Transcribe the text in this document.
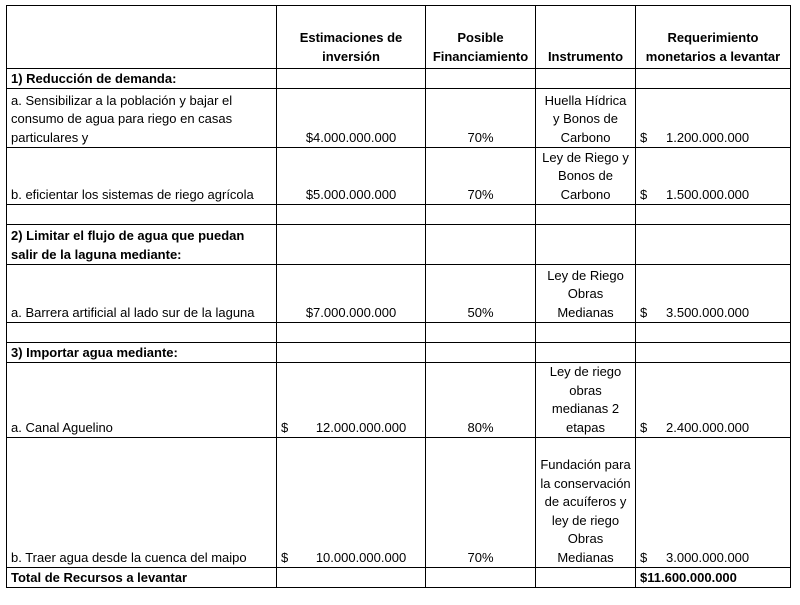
	Estimaciones de inversión	Posible Financiamiento	Instrumento	Requerimiento monetarios a levantar
1) Reducción de demanda:				
a. Sensibilizar a la población y bajar el consumo de agua para riego en casas particulares y	$4.000.000.000	70%	Huella Hídrica y Bonos de Carbono	$ 1.200.000.000

b. eficientar los sistemas de riego agrícola	$5.000.000.000	70%	Ley de Riego y Bonos de Carbono	$ 1.500.000.000

2) Limitar el flujo de agua que puedan salir de la laguna mediante:				
a. Barrera artificial al lado sur de la laguna	$7.000.000.000	50%	Ley de Riego Obras Medianas	$ 3.500.000.000

3) Importar agua mediante:				
a. Canal Aguelino	$ 12.000.000.000	80%	Ley de riego obras medianas 2 etapas	$ 2.400.000.000

b. Traer agua desde la cuenca del maipo	$ 10.000.000.000	70%	Fundación para la conservación de acuíferos y ley de riego Obras Medianas	$ 3.000.000.000

Total de Recursos a levantar				$11.600.000.000
